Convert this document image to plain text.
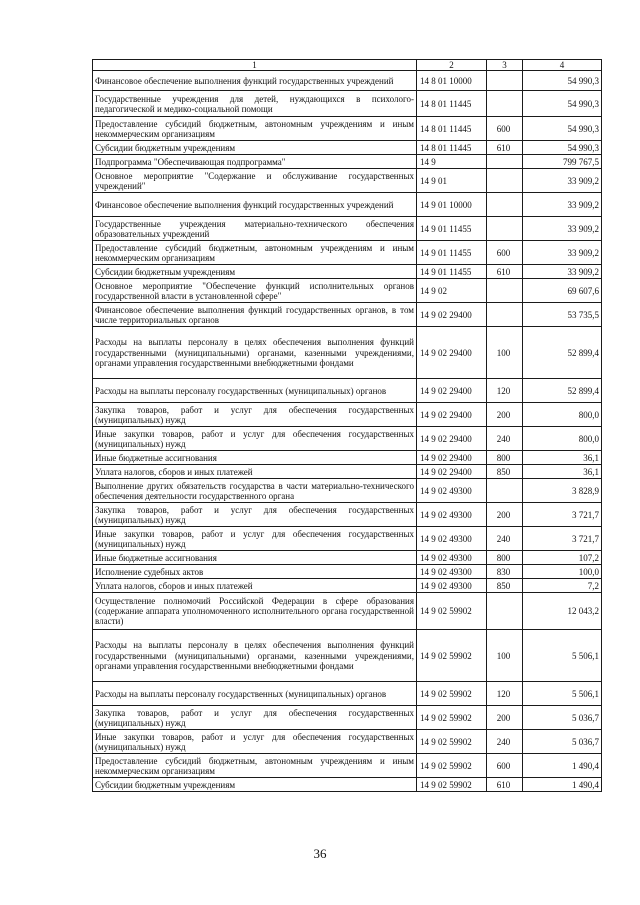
1	2	3	4
Финансовое обеспечение выполнения функций государственных учреждений	14 8 01 10000		54 990,3
Государственные учреждения для детей, нуждающихся в психолого-педагогической и медико-социальной помощи	14 8 01 11445		54 990,3
Предоставление субсидий бюджетным, автономным учреждениям и иным некоммерческим организациям	14 8 01 11445	600	54 990,3
Субсидии бюджетным учреждениям	14 8 01 11445	610	54 990,3
Подпрограмма "Обеспечивающая подпрограмма"	14 9		799 767,5
Основное мероприятие "Содержание и обслуживание государственных учреждений"	14 9 01		33 909,2
Финансовое обеспечение выполнения функций государственных учреждений	14 9 01 10000		33 909,2
Государственные учреждения материально-технического обеспечения образовательных учреждений	14 9 01 11455		33 909,2
Предоставление субсидий бюджетным, автономным учреждениям и иным некоммерческим организациям	14 9 01 11455	600	33 909,2
Субсидии бюджетным учреждениям	14 9 01 11455	610	33 909,2
Основное мероприятие "Обеспечение функций исполнительных органов государственной власти в установленной сфере"	14 9 02		69 607,6
Финансовое обеспечение выполнения функций государственных органов, в том числе территориальных органов	14 9 02 29400		53 735,5
Расходы на выплаты персоналу в целях обеспечения выполнения функций государственными (муниципальными) органами, казенными учреждениями, органами управления государственными внебюджетными фондами	14 9 02 29400	100	52 899,4
Расходы на выплаты персоналу государственных (муниципальных) органов	14 9 02 29400	120	52 899,4
Закупка товаров, работ и услуг для обеспечения государственных (муниципальных) нужд	14 9 02 29400	200	800,0
Иные закупки товаров, работ и услуг для обеспечения государственных (муниципальных) нужд	14 9 02 29400	240	800,0
Иные бюджетные ассигнования	14 9 02 29400	800	36,1
Уплата налогов, сборов и иных платежей	14 9 02 29400	850	36,1
Выполнение других обязательств государства в части материально-технического обеспечения деятельности государственного органа	14 9 02 49300		3 828,9
Закупка товаров, работ и услуг для обеспечения государственных (муниципальных) нужд	14 9 02 49300	200	3 721,7
Иные закупки товаров, работ и услуг для обеспечения государственных (муниципальных) нужд	14 9 02 49300	240	3 721,7
Иные бюджетные ассигнования	14 9 02 49300	800	107,2
Исполнение судебных актов	14 9 02 49300	830	100,0
Уплата налогов, сборов и иных платежей	14 9 02 49300	850	7,2
Осуществление полномочий Российской Федерации в сфере образования (содержание аппарата уполномоченного исполнительного органа государственной власти)	14 9 02 59902		12 043,2
Расходы на выплаты персоналу в целях обеспечения выполнения функций государственными (муниципальными) органами, казенными учреждениями, органами управления государственными внебюджетными фондами	14 9 02 59902	100	5 506,1
Расходы на выплаты персоналу государственных (муниципальных) органов	14 9 02 59902	120	5 506,1
Закупка товаров, работ и услуг для обеспечения государственных (муниципальных) нужд	14 9 02 59902	200	5 036,7
Иные закупки товаров, работ и услуг для обеспечения государственных (муниципальных) нужд	14 9 02 59902	240	5 036,7
Предоставление субсидий бюджетным, автономным учреждениям и иным некоммерческим организациям	14 9 02 59902	600	1 490,4
Субсидии бюджетным учреждениям	14 9 02 59902	610	1 490,4
36
